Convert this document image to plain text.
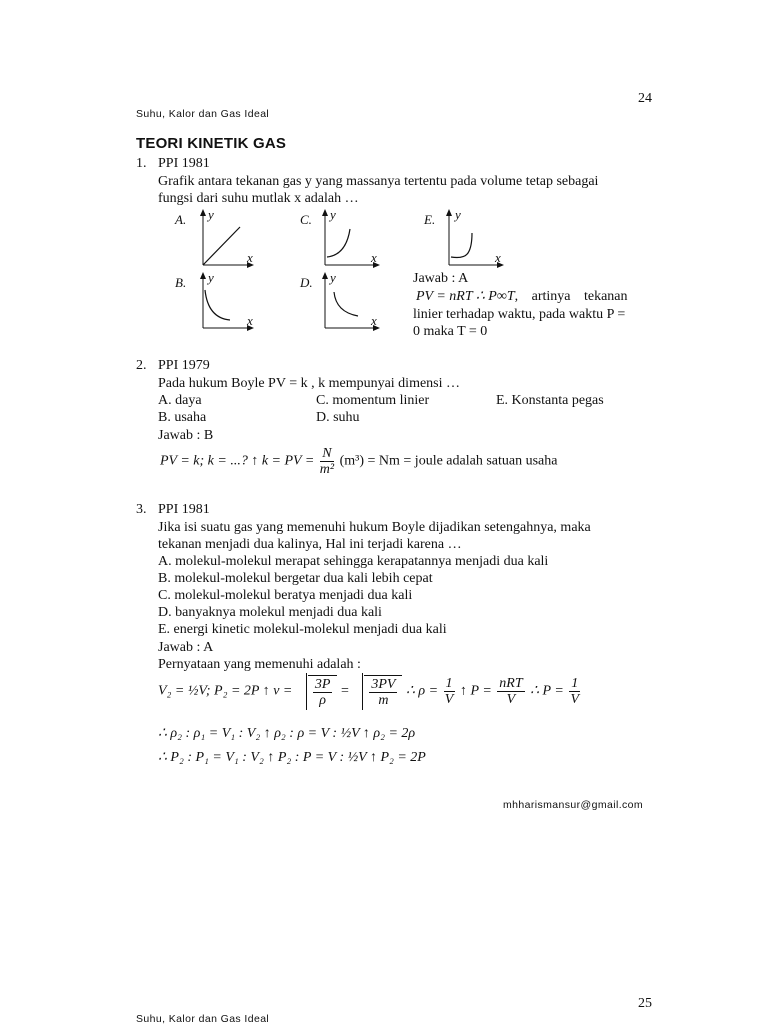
24
Suhu, Kalor dan Gas Ideal
TEORI KINETIK GAS
1. PPI 1981
Grafik antara tekanan gas y yang massanya tertentu pada volume tetap sebagai
fungsi dari suhu mutlak x adalah …
A. y
x
C. y
x
E. y
x
B. y
x
D. y
x
Jawab : A
PV = nRT ∴ P∞T, artinya tekanan
linier terhadap waktu, pada waktu P =
0 maka T = 0
2. PPI 1979
Pada hukum Boyle PV = k , k mempunyai dimensi …
A. daya	C. momentum linier	E. Konstanta pegas
B. usaha	D. suhu
Jawab : B
PV = k; k = ...? ↑ k = PV = $\frac{N}{\text{m²}} (m^3) = Nm$ = joule adalah satuan usaha
3. PPI 1981
Jika isi suatu gas yang memenuhi hukum Boyle dijadikan setengahnya, maka
tekanan menjadi dua kalinya, Hal ini terjadi karena …
A. molekul-molekul merapat sehingga kerapatannya menjadi dua kali
B. molekul-molekul bergetar dua kali lebih cepat
C. molekul-molekul beratya menjadi dua kali
D. banyaknya molekul menjadi dua kali
E. energi kinetic molekul-molekul menjadi dua kali
Jawab : A
Pernyataan yang memenuhi adalah :
V₂ = ½V; P₂ = 2P ↑ $v = \frac{3P}{\rho} = \frac{3PV}{m}$ ∴ $\rho = \frac{1}{V}$ ↑ $P = \frac{\text{nRT}}{V}$ ∴ $P = \frac{1}{V}$
∴ ρ₂ : ρ₁ = V₁ : V₂ ↑ ρ₂ : ρ = V : ½V ↑ ρ₂ = 2ρ
∴ P₂ : P₁ = V₁ : V₂ ↑ P₂ : P = V : ½V ↑ P₂ = 2P
mhharismansur@gmail.com
25
Suhu, Kalor dan Gas Ideal
